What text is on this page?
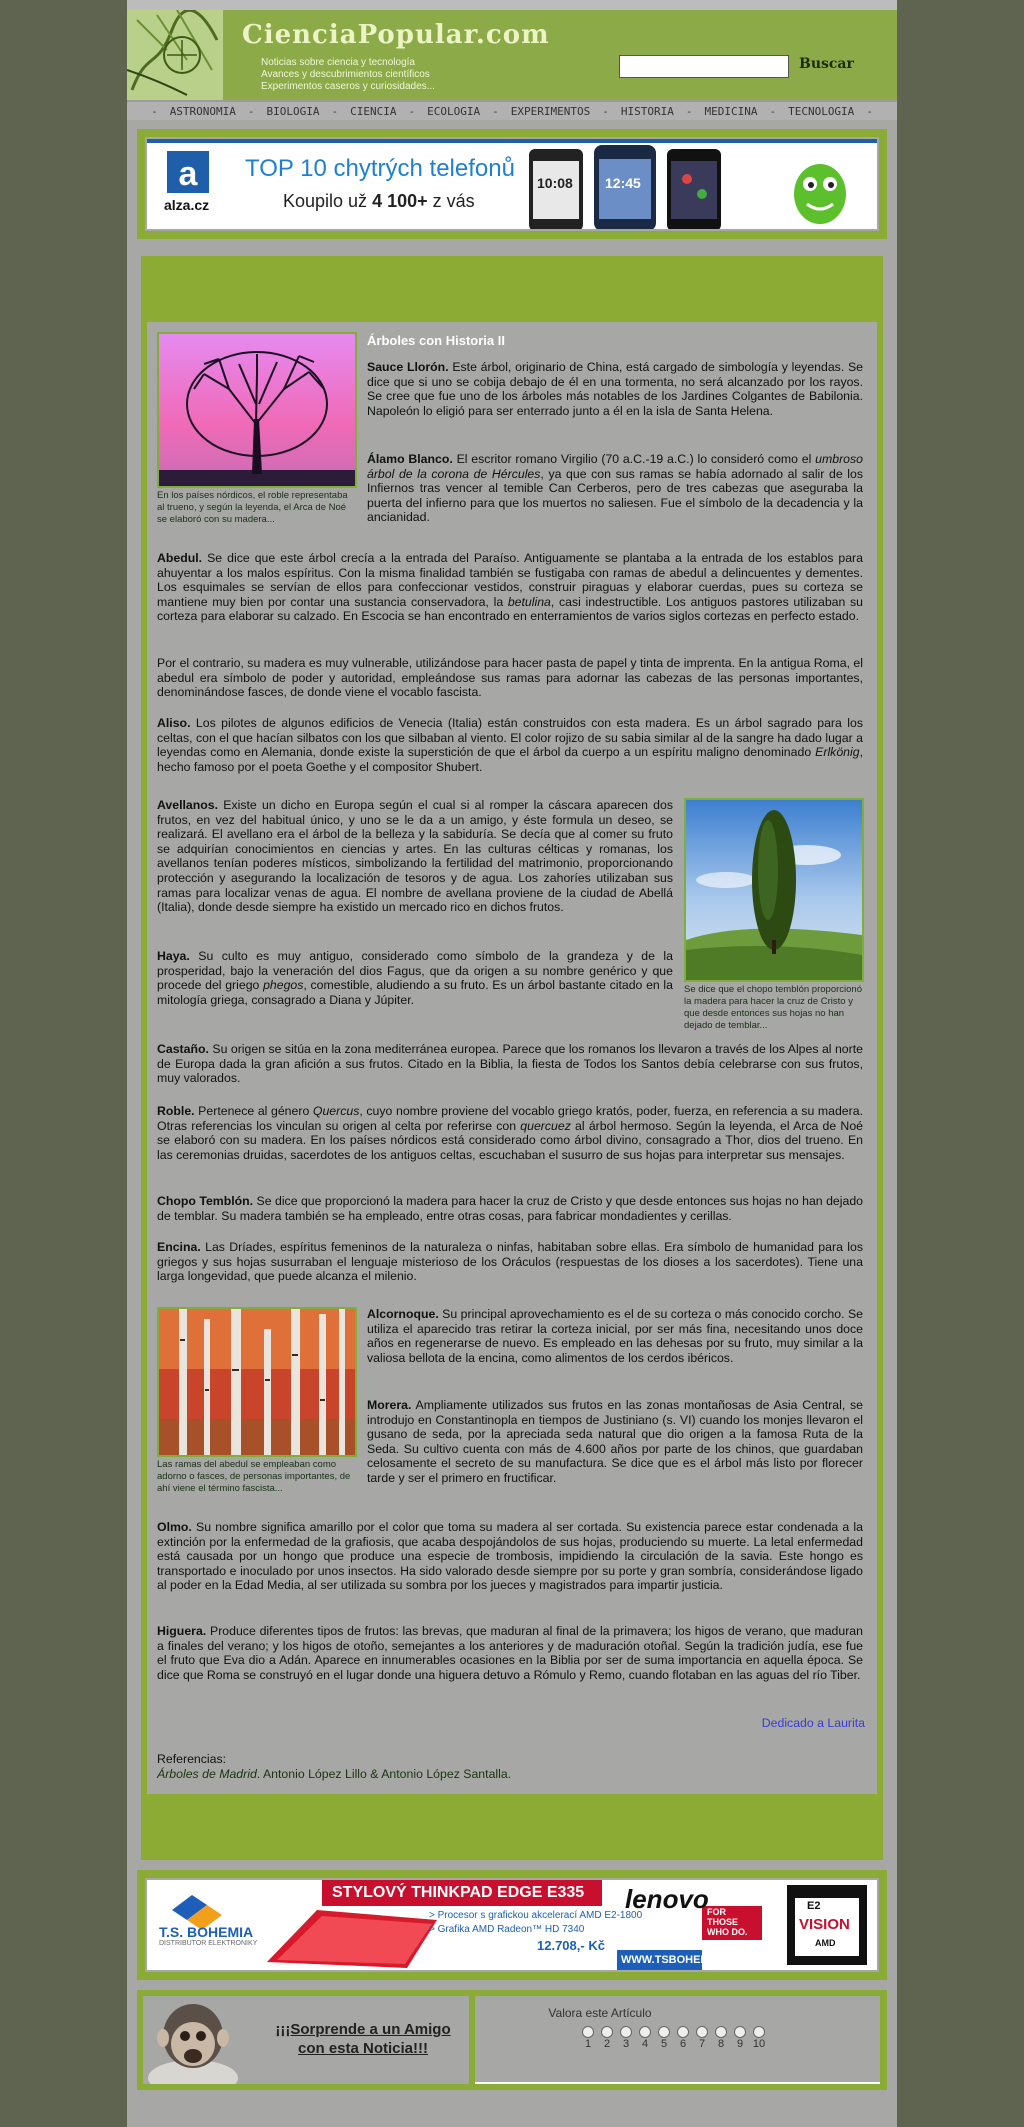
CienciaPopular.com
Noticias sobre ciencia y tecnología
Avances y descubrimientos científicos
Experimentos caseros y curiosidades...
Buscar
- ASTRONOMIA - BIOLOGIA - CIENCIA - ECOLOGIA - EXPERIMENTOS - HISTORIA - MEDICINA - TECNOLOGIA -
a
alza.cz
TOP 10 chytrých telefonů
Koupilo už 4 100+ z vás
10:08 12:45
En los países nórdicos, el roble representaba al trueno, y según la leyenda, el Arca de Noé se elaboró con su madera...
Árboles con Historia II
Sauce Llorón. Este árbol, originario de China, está cargado de simbología y leyendas. Se dice que si uno se cobija debajo de él en una tormenta, no será alcanzado por los rayos. Se cree que fue uno de los árboles más notables de los Jardines Colgantes de Babilonia. Napoleón lo eligió para ser enterrado junto a él en la isla de Santa Helena.
Álamo Blanco. El escritor romano Virgilio (70 a.C.-19 a.C.) lo consideró como el umbroso árbol de la corona de Hércules, ya que con sus ramas se había adornado al salir de los Infiernos tras vencer al temible Can Cerberos, pero de tres cabezas que aseguraba la puerta del infierno para que los muertos no saliesen. Fue el símbolo de la decadencia y la ancianidad.
Abedul. Se dice que este árbol crecía a la entrada del Paraíso. Antiguamente se plantaba a la entrada de los establos para ahuyentar a los malos espíritus. Con la misma finalidad también se fustigaba con ramas de abedul a delincuentes y dementes. Los esquimales se servían de ellos para confeccionar vestidos, construir piraguas y elaborar cuerdas, pues su corteza se mantiene muy bien por contar una sustancia conservadora, la betulina, casi indestructible. Los antiguos pastores utilizaban su corteza para elaborar su calzado. En Escocia se han encontrado en enterramientos de varios siglos cortezas en perfecto estado.
Por el contrario, su madera es muy vulnerable, utilizándose para hacer pasta de papel y tinta de imprenta. En la antigua Roma, el abedul era símbolo de poder y autoridad, empleándose sus ramas para adornar las cabezas de las personas importantes, denominándose fasces, de donde viene el vocablo fascista.
Aliso. Los pilotes de algunos edificios de Venecia (Italia) están construidos con esta madera. Es un árbol sagrado para los celtas, con el que hacían silbatos con los que silbaban al viento. El color rojizo de su sabia similar al de la sangre ha dado lugar a leyendas como en Alemania, donde existe la superstición de que el árbol da cuerpo a un espíritu maligno denominado Erlkönig, hecho famoso por el poeta Goethe y el compositor Shubert.
Se dice que el chopo temblón proporcionó la madera para hacer la cruz de Cristo y que desde entonces sus hojas no han dejado de temblar...
Avellanos. Existe un dicho en Europa según el cual si al romper la cáscara aparecen dos frutos, en vez del habitual único, y uno se le da a un amigo, y éste formula un deseo, se realizará. El avellano era el árbol de la belleza y la sabiduría. Se decía que al comer su fruto se adquirían conocimientos en ciencias y artes. En las culturas célticas y romanas, los avellanos tenían poderes místicos, simbolizando la fertilidad del matrimonio, proporcionando protección y asegurando la localización de tesoros y de agua. Los zahoríes utilizaban sus ramas para localizar venas de agua. El nombre de avellana proviene de la ciudad de Abellá (Italia), donde desde siempre ha existido un mercado rico en dichos frutos.
Haya. Su culto es muy antiguo, considerado como símbolo de la grandeza y de la prosperidad, bajo la veneración del dios Fagus, que da origen a su nombre genérico y que procede del griego phegos, comestible, aludiendo a su fruto. Es un árbol bastante citado en la mitología griega, consagrado a Diana y Júpiter.
Castaño. Su origen se sitúa en la zona mediterránea europea. Parece que los romanos los llevaron a través de los Alpes al norte de Europa dada la gran afición a sus frutos. Citado en la Biblia, la fiesta de Todos los Santos debía celebrarse con sus frutos, muy valorados.
Roble. Pertenece al género Quercus, cuyo nombre proviene del vocablo griego kratós, poder, fuerza, en referencia a su madera. Otras referencias los vinculan su origen al celta por referirse con quercuez al árbol hermoso. Según la leyenda, el Arca de Noé se elaboró con su madera. En los países nórdicos está considerado como árbol divino, consagrado a Thor, dios del trueno. En las ceremonias druidas, sacerdotes de los antiguos celtas, escuchaban el susurro de sus hojas para interpretar sus mensajes.
Chopo Temblón. Se dice que proporcionó la madera para hacer la cruz de Cristo y que desde entonces sus hojas no han dejado de temblar. Su madera también se ha empleado, entre otras cosas, para fabricar mondadientes y cerillas.
Encina. Las Dríades, espíritus femeninos de la naturaleza o ninfas, habitaban sobre ellas. Era símbolo de humanidad para los griegos y sus hojas susurraban el lenguaje misterioso de los Oráculos (respuestas de los dioses a los sacerdotes). Tiene una larga longevidad, que puede alcanza el milenio.
Las ramas del abedul se empleaban como adorno o fasces, de personas importantes, de ahí viene el término fascista...
Alcornoque. Su principal aprovechamiento es el de su corteza o más conocido corcho. Se utiliza el aparecido tras retirar la corteza inicial, por ser más fina, necesitando unos doce años en regenerarse de nuevo. Es empleado en las dehesas por su fruto, muy similar a la valiosa bellota de la encina, como alimentos de los cerdos ibéricos.
Morera. Ampliamente utilizados sus frutos en las zonas montañosas de Asia Central, se introdujo en Constantinopla en tiempos de Justiniano (s. VI) cuando los monjes llevaron el gusano de seda, por la apreciada seda natural que dio origen a la famosa Ruta de la Seda. Su cultivo cuenta con más de 4.600 años por parte de los chinos, que guardaban celosamente el secreto de su manufactura. Se dice que es el árbol más listo por florecer tarde y ser el primero en fructificar.
Olmo. Su nombre significa amarillo por el color que toma su madera al ser cortada. Su existencia parece estar condenada a la extinción por la enfermedad de la grafiosis, que acaba despojándolos de sus hojas, produciendo su muerte. La letal enfermedad está causada por un hongo que produce una especie de trombosis, impidiendo la circulación de la savia. Este hongo es transportado e inoculado por unos insectos. Ha sido valorado desde siempre por su porte y gran sombría, considerándose ligado al poder en la Edad Media, al ser utilizada su sombra por los jueces y magistrados para impartir justicia.
Higuera. Produce diferentes tipos de frutos: las brevas, que maduran al final de la primavera; los higos de verano, que maduran a finales del verano; y los higos de otoño, semejantes a los anteriores y de maduración otoñal. Según la tradición judía, ese fue el fruto que Eva dio a Adán. Aparece en innumerables ocasiones en la Biblia por ser de suma importancia en aquella época. Se dice que Roma se construyó en el lugar donde una higuera detuvo a Rómulo y Remo, cuando flotaban en las aguas del río Tiber.
Dedicado a Laurita
Referencias:
Árboles de Madrid. Antonio López Lillo & Antonio López Santalla.
STYLOVÝ THINKPAD EDGE E335
T.S. BOHEMIA
DISTRIBUTOR ELEKTRONIKY
> Procesor s grafickou akcelerací AMD E2-1800
> Grafika AMD Radeon™ HD 7340
12.708,- Kč
WWW.TSBOHEMIA.CZ
lenovo
FOR
THOSE
WHO DO.
E2
VISION
AMD
¡¡¡Sorprende a un Amigo con esta Noticia!!!
Valora este Artículo
1 2 3 4 5 6 7 8 9 10
